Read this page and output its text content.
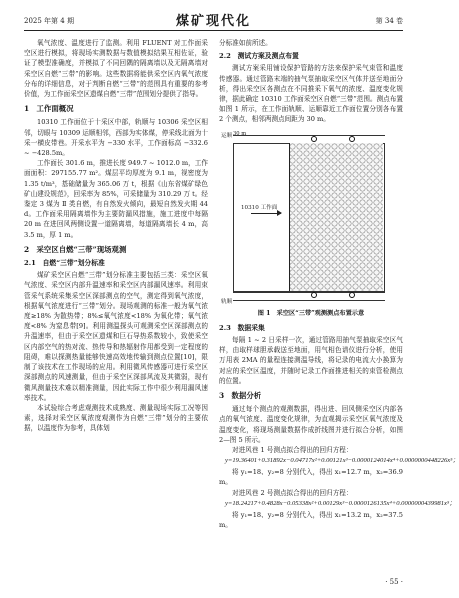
2025 年第 4 期	煤矿现代化	第 34 卷

氧气浓度、温度进行了监测。利用 FLUENT 对工作面采空区进行模拟，将现场实测数据与数值模拟结果互相佐证，验证了模型准确度，并模拟了不同回隅的隔离墙以及无隔离墙对采空区自燃“三带”的影响。这些数据将能供采空区内氧气浓度分布的详细信息，对于判断自燃“三带”的范围具有重要的参考价值，为工作面采空区遗煤自燃“三带”范围划分提供了指导。

1　工作面概况

10310 工作面位于十采区中部，轨顺与 10306 采空区相邻，切眼与 10309 运顺相邻，西部为实体煤，停采线北面为十采一横皮带巷。开采水平为 −330 水平，工作面标高 −332.6 ~ −428.5m。

工作面长 301.6 m，推进长度 949.7 ~ 1012.0 m，工作面面积：297155.77 m²。煤层平均厚度为 9.1 m，视密度为 1.35 t/m³，基础储量为 365.06 万 t，根据《山东省煤矿绿色矿山建设规范》，回采率为 85%，可采储量为 310.29 万 t。经鉴定 3 煤为 Ⅱ 类自燃，有自然发火倾向，最短自然发火期 44 d。工作面采用隔离墙作为主要防漏风措施，施工进度中每隔 20 m 在进回风两侧设置一道隔离墙，每道隔离墙长 4 m，高 3.5 m，厚 1 m。

2　采空区自燃“三带”现场观测
2.1　自燃“三带”划分标准

煤矿采空区自燃“三带”划分标准主要包括三类：采空区氧气浓度、采空区内部升温速率和采空区内部漏风速率。利用束管采气系统采集采空区深部测点的空气，测定得到氧气浓度，根据氧气浓度进行“三带”划分。现场观测的标准一般为氧气浓度≥18% 为散热带；8%≤氧气浓度<18% 为氧化带；氧气浓度<8% 为窒息带[9]。利用测温探头可观测采空区深部测点的升温速率，但由于采空区遗煤和巨石导热系数较小，致使采空区内部空气的热对流、热传导和热辐射作用都受到一定程度的阻碍，难以探测热量能够快速高效地传输到测点位置[10]，限制了该技术在工作现场的应用。利用微风传感器可进行采空区深部测点的风速测量，但由于采空区深部风流及其微弱，现有微风测量技术难以精准测量，因此实际工作中很少利用漏风速率技术。

本试验综合考虑观测技术成熟度、测量现场实际工况等因素，选择对采空区氧浓度观测作为自燃“三带”划分的主要依据，以温度作为参考，具体划

分标准如前所述。

2.2　测试方案及测点布置

测试方案采用铺设保护管路的方法来保护采气束管和温度传感器。通过管路末端的抽气泵抽取采空区气体并送至地面分析，得出采空区各测点在不同推采下氧气的浓度、温度变化规律，据此确定 10310 工作面采空区自燃“三带”范围。测点布置如图 1 所示，在工作面轨顺、运顺靠近工作面位置分别各布置 2 个测点，相邻两测点间距为 30 m。

30 m
运顺
10310 工作面
轨顺
图 1　采空区“三带”观测测点布置示意
2.3　数据采集

每隔 1 ~ 2 日采样一次，通过管路用抽气泵抽取采空区气样，由取样球胆承载送至地面，用气相色谱仪进行分析，使用万用表 2MA 的量程连接测温导线，将记录的电流大小换算为对应的采空区温度，并随时记录工作面推进相关的束管检测点的位置。

3　数据分析

通过每个测点的观测数据，得出进、回风侧采空区内部各点的氧气浓度、温度变化规律，为直观揭示采空区氧气浓度及温度变化，将现场测量数据作成折线图并进行拟合分析，如图 2—图 5 所示。

对进风巷 1 号测点拟合得出的回归方程：

y=19.36401+0.31892x−0.04717x²+0.00121x³−0.0000124014x⁴+0.0000000448226x⁵；

将 y₁=18、y₂=8 分别代入，得出 x₁=12.7 m，x₂=36.9 m。

对进风巷 2 号测点拟合得出的回归方程：

y=18.24217+0.4828x−0.05338x²+0.00129x³−0.0000126135x⁴+0.0000000439981x⁵；

将 y₁=18、y₂=8 分别代入，得出 x₁=13.2 m，x₂=37.5 m。

· 55 ·
